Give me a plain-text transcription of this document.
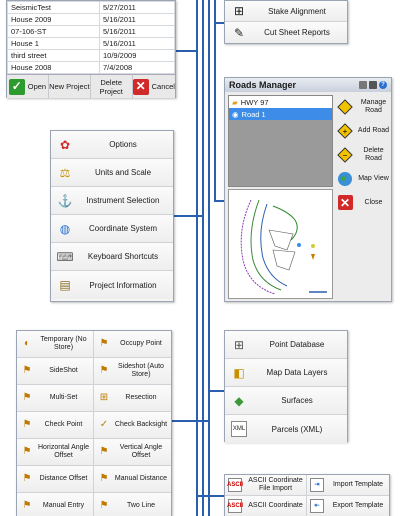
SeismicTest	5/27/2011
House 2009	5/16/2011
07-106-ST	5/16/2011
House 1	5/16/2011
third street	10/9/2009
House 2008	7/4/2008
✓ Open New Project	Delete Project	✕ Cancel
⊞	Stake Alignment
✎	Cut Sheet Reports
Roads Manager	?
▰ HWY 97
◉ Road 1
Manage Road
+ Add Road
−
Delete Road
Map View
✕	Close
✿	Options
⚖	Units and Scale
⚓	Instrument Selection
◍	Coordinate System
⌨	Keyboard Shortcuts
▤	Project Information
◐	Temporary (No Store)	⚑	Occupy Point
⚑	SideShot	⚑	Sideshot (Auto Store)
⚑	Multi-Set	⊞	Resection
⚑	Check Point	✓ Check Backsight
⚑ Horizontal Angle Offset	⚑	Vertical Angle Offset
⚑	Distance Offset	⚑ Manual Distance
⚑	Manual Entry	⚑	Two Line
⊞	Point Database
◧	Map Data Layers
◆	Surfaces
XML	Parcels (XML)
ASCII
ASCII Coordinate File Import	⇥	Import Template
ASCII ASCII Coordinate	⇤	Export Template
